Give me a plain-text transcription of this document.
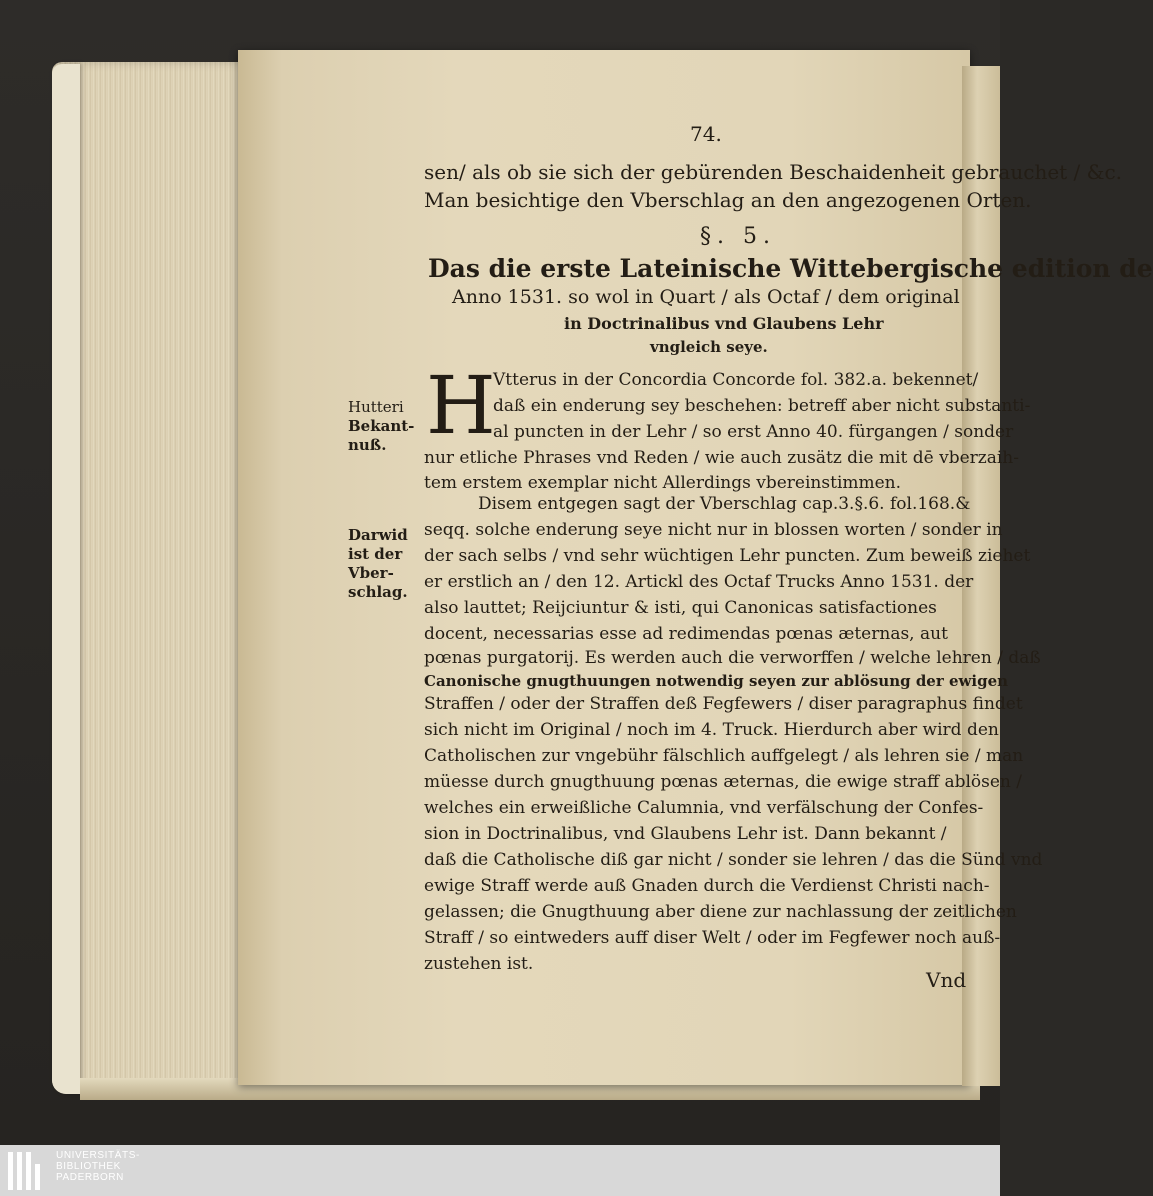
74.
sen/ als ob sie sich der gebürenden Beschaidenheit gebrauchet / &c.
Man besichtige den Vberschlag an den angezogenen Orten.
§. 5.
Das die erste Lateinische Wittebergische edition de
Anno 1531. so wol in Quart / als Octaf / dem original
in Doctrinalibus vnd Glaubens Lehr
vngleich seye.
H
Vtterus in der Concordia Concorde fol. 382.a. bekennet/
daß ein enderung sey beschehen: betreff aber nicht substanti-
al puncten in der Lehr / so erst Anno 40. fürgangen / sonder
nur etliche Phrases vnd Reden / wie auch zusätz die mit dē vberzaih-
tem erstem exemplar nicht Allerdings vbereinstimmen.
Disem entgegen sagt der Vberschlag cap.3.§.6. fol.168.&
seqq. solche enderung seye nicht nur in blossen worten / sonder in
der sach selbs / vnd sehr wüchtigen Lehr puncten. Zum beweiß ziehet
er erstlich an / den 12. Artickl des Octaf Trucks Anno 1531. der
also lauttet; Reijciuntur & isti, qui Canonicas satisfactiones
docent, necessarias esse ad redimendas pœnas æternas, aut
pœnas purgatorij. Es werden auch die verworffen / welche lehren / daß
Canonische gnugthuungen notwendig seyen zur ablösung der ewigen
Straffen / oder der Straffen deß Fegfewers / diser paragraphus findet
sich nicht im Original / noch im 4. Truck. Hierdurch aber wird den
Catholischen zur vngebühr fälschlich auffgelegt / als lehren sie / man
müesse durch gnugthuung pœnas æternas, die ewige straff ablösen /
welches ein erweißliche Calumnia, vnd verfälschung der Confes-
sion in Doctrinalibus, vnd Glaubens Lehr ist. Dann bekannt /
daß die Catholische diß gar nicht / sonder sie lehren / das die Sünd vnd
ewige Straff werde auß Gnaden durch die Verdienst Christi nach-
gelassen; die Gnugthuung aber diene zur nachlassung der zeitlichen
Straff / so eintweders auff diser Welt / oder im Fegfewer noch auß-
zustehen ist.
Vnd
Hutteri
Bekant-
nuß.
Darwid
ist der
Vber-
schlag.
UNIVERSITÄTS-
BIBLIOTHEK
PADERBORN
